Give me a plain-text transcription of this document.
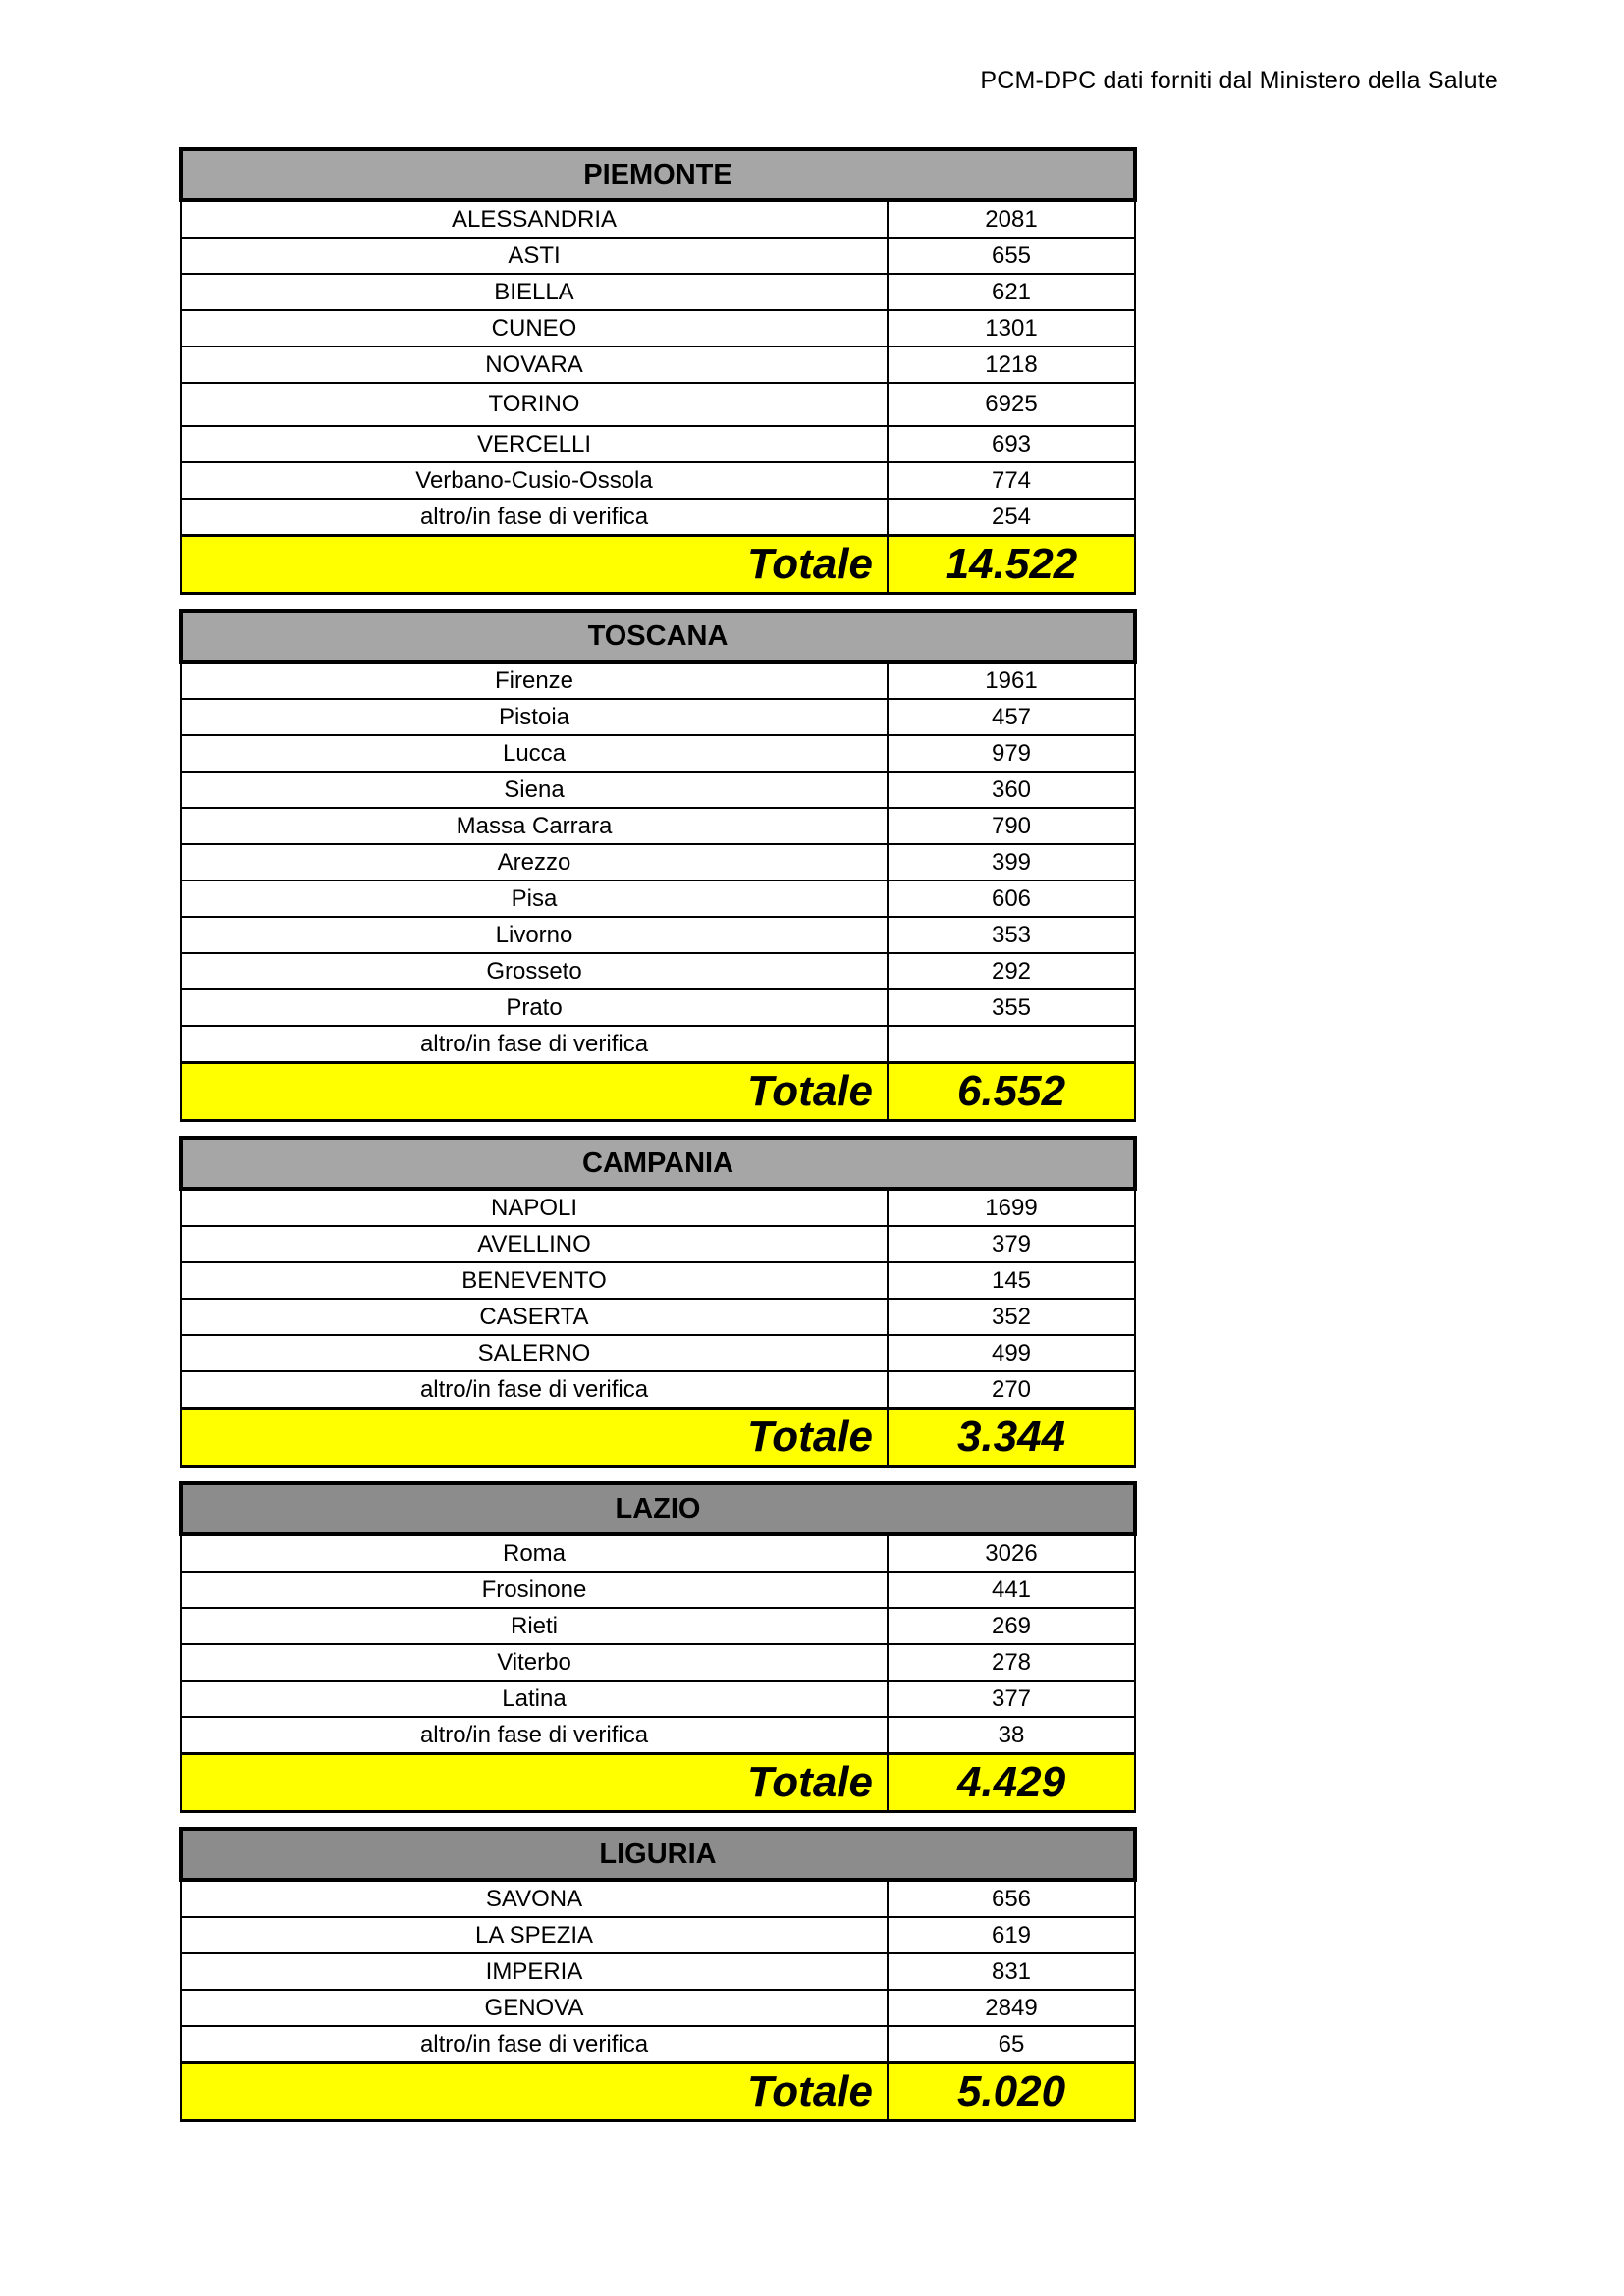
PCM-DPC dati forniti dal Ministero della Salute
PIEMONTE	
ALESSANDRIA	2081
ASTI	655
BIELLA	621
CUNEO	1301
NOVARA	1218
TORINO	6925
VERCELLI	693
Verbano-Cusio-Ossola	774
altro/in fase di verifica	254
Totale	14.522
TOSCANA	
Firenze	1961
Pistoia	457
Lucca	979
Siena	360
Massa Carrara	790
Arezzo	399
Pisa	606
Livorno	353
Grosseto	292
Prato	355
altro/in fase di verifica	
Totale	6.552
CAMPANIA	
NAPOLI	1699
AVELLINO	379
BENEVENTO	145
CASERTA	352
SALERNO	499
altro/in fase di verifica	270
Totale	3.344
LAZIO	
Roma	3026
Frosinone	441
Rieti	269
Viterbo	278
Latina	377
altro/in fase di verifica	38
Totale	4.429
LIGURIA	
SAVONA	656
LA SPEZIA	619
IMPERIA	831
GENOVA	2849
altro/in fase di verifica	65
Totale	5.020
